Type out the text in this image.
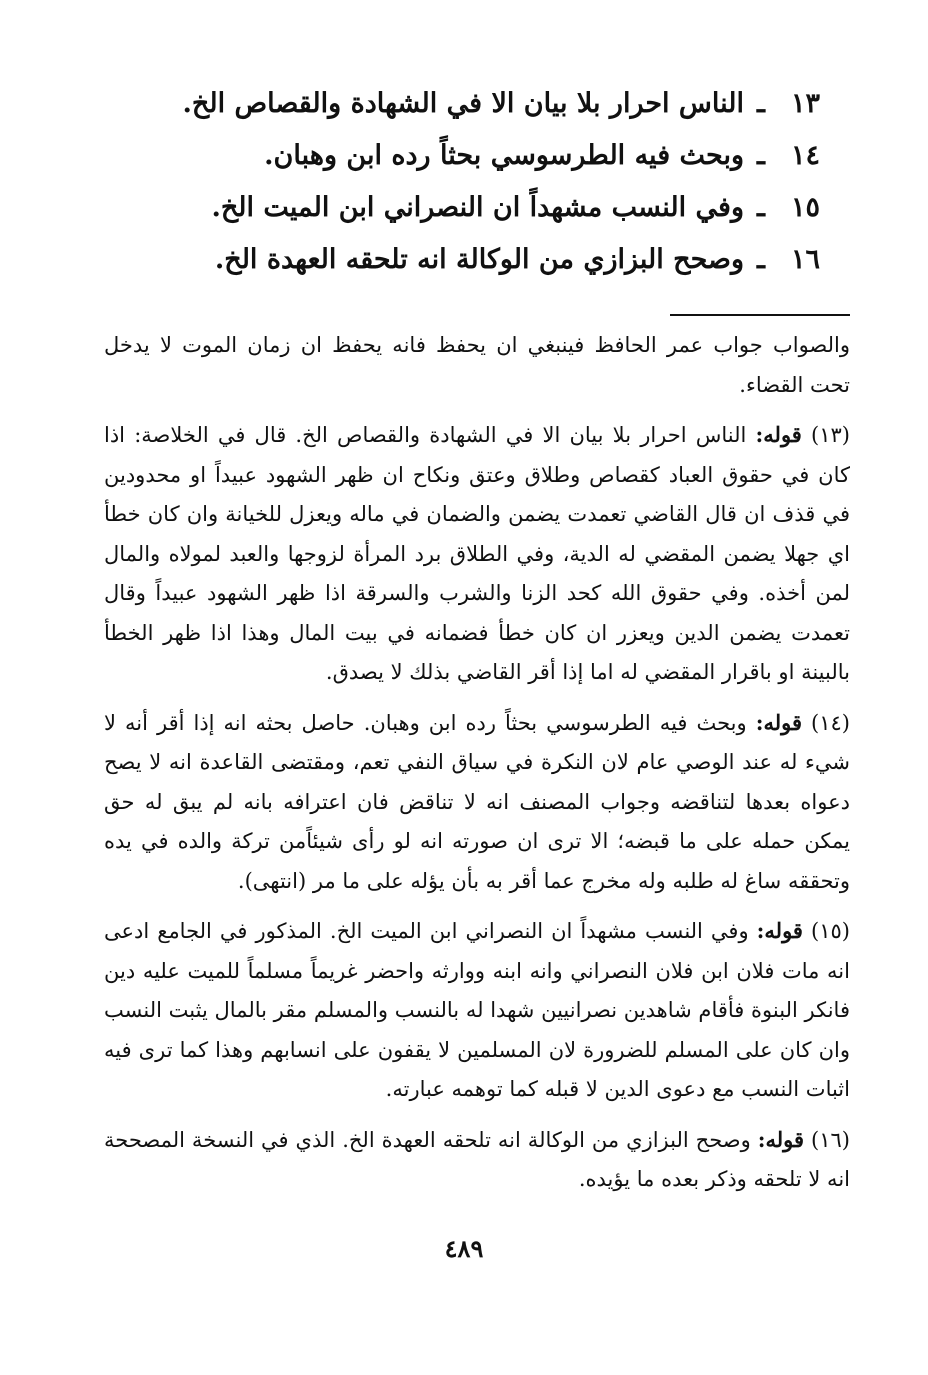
١٣
ـ
الناس احرار بلا بيان الا في الشهادة والقصاص الخ.
١٤
ـ
وبحث فيه الطرسوسي بحثاً رده ابن وهبان.
١٥
ـ
وفي النسب مشهداً ان النصراني ابن الميت الخ.
١٦
ـ
وصحح البزازي من الوكالة انه تلحقه العهدة الخ.

والصواب جواب عمر الحافظ فينبغي ان يحفظ فانه يحفظ ان زمان الموت لا يدخل تحت القضاء.

(١٣) قوله: الناس احرار بلا بيان الا في الشهادة والقصاص الخ. قال في الخلاصة: اذا كان في حقوق العباد كقصاص وطلاق وعتق ونكاح ان ظهر الشهود عبيداً او محدودين في قذف ان قال القاضي تعمدت يضمن والضمان في ماله ويعزل للخيانة وان كان خطأ اي جهلا يضمن المقضي له الدية، وفي الطلاق برد المرأة لزوجها والعبد لمولاه والمال لمن أخذه. وفي حقوق الله كحد الزنا والشرب والسرقة اذا ظهر الشهود عبيداً وقال تعمدت يضمن الدين ويعزر ان كان خطأ فضمانه في بيت المال وهذا اذا ظهر الخطأ بالبينة او باقرار المقضي له اما إذا أقر القاضي بذلك لا يصدق.

(١٤) قوله: وبحث فيه الطرسوسي بحثاً رده ابن وهبان. حاصل بحثه انه إذا أقر أنه لا شيء له عند الوصي عام لان النكرة في سياق النفي تعم، ومقتضى القاعدة انه لا يصح دعواه بعدها لتناقضه وجواب المصنف انه لا تناقض فان اعترافه بانه لم يبق له حق يمكن حمله على ما قبضه؛ الا ترى ان صورته انه لو رأى شيئاًمن تركة والده في يده وتحققه ساغ له طلبه وله مخرج عما أقر به بأن يؤله على ما مر (انتهى).

(١٥) قوله: وفي النسب مشهداً ان النصراني ابن الميت الخ. المذكور في الجامع ادعى انه مات فلان ابن فلان النصراني وانه ابنه ووارثه واحضر غريماً مسلماً للميت عليه دين فانكر البنوة فأقام شاهدين نصرانيين شهدا له بالنسب والمسلم مقر بالمال يثبت النسب وان كان على المسلم للضرورة لان المسلمين لا يقفون على انسابهم وهذا كما ترى فيه اثبات النسب مع دعوى الدين لا قبله كما توهمه عبارته.

(١٦) قوله: وصحح البزازي من الوكالة انه تلحقه العهدة الخ. الذي في النسخة المصححة انه لا تلحقه وذكر بعده ما يؤيده.

٤٨٩
